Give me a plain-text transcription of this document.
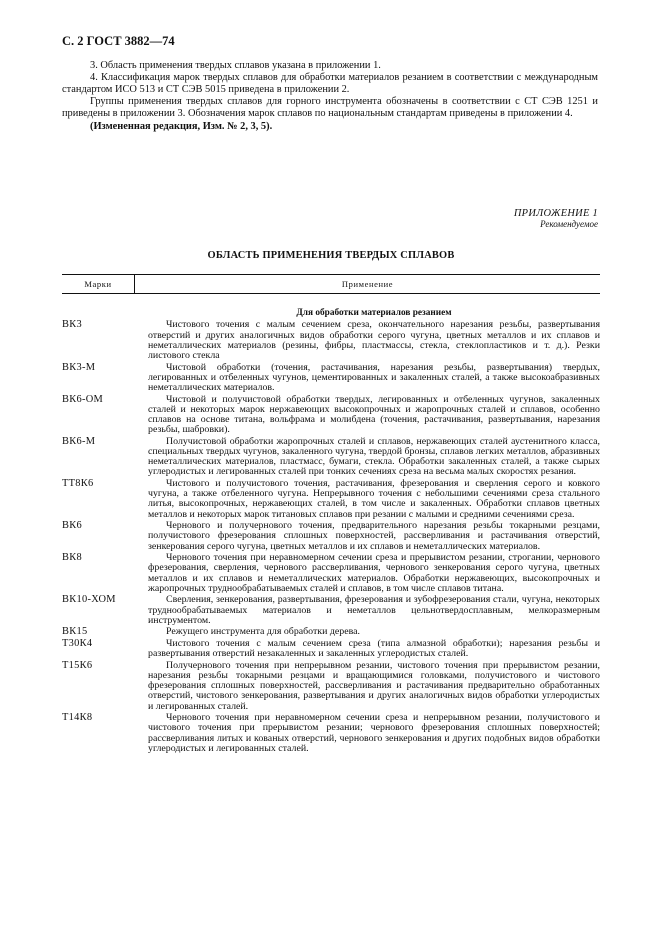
С. 2 ГОСТ 3882—74

3. Область применения твердых сплавов указана в приложении 1.

4. Классификация марок твердых сплавов для обработки материалов резанием в соответствии с международным стандартом ИСО 513 и СТ СЭВ 5015 приведена в приложении 2.

Группы применения твердых сплавов для горного инструмента обозначены в соответствии с СТ СЭВ 1251 и приведены в приложении 3. Обозначения марок сплавов по национальным стандартам приведены в приложении 4.

(Измененная редакция, Изм. № 2, 3, 5).

ПРИЛОЖЕНИЕ 1
Рекомендуемое
ОБЛАСТЬ ПРИМЕНЕНИЯ ТВЕРДЫХ СПЛАВОВ
Марки	Применение
Для обработки материалов резанием
ВК3	Чистового точения с малым сечением среза, окончательного нарезания резьбы, развертывания отверстий и других аналогичных видов обработки серого чугуна, цветных металлов и их сплавов и неметаллических материалов (резины, фибры, пластмассы, стекла, стеклопластиков и т. д.). Резки листового стекла
ВК3-М	Чистовой обработки (точения, растачивания, нарезания резьбы, развертывания) твердых, легированных и отбеленных чугунов, цементированных и закаленных сталей, а также высокоабразивных неметаллических материалов.
ВК6-ОМ	Чистовой и получистовой обработки твердых, легированных и отбеленных чугунов, закаленных сталей и некоторых марок нержавеющих высокопрочных и жаропрочных сталей и сплавов, особенно сплавов на основе титана, вольфрама и молибдена (точения, растачивания, развертывания, нарезания резьбы, шабровки).
ВК6-М	Получистовой обработки жаропрочных сталей и сплавов, нержавеющих сталей аустенитного класса, специальных твердых чугунов, закаленного чугуна, твердой бронзы, сплавов легких металлов, абразивных неметаллических материалов, пластмасс, бумаги, стекла. Обработки закаленных сталей, а также сырых углеродистых и легированных сталей при тонких сечениях среза на весьма малых скоростях резания.
ТТ8К6	Чистового и получистового точения, растачивания, фрезерования и сверления серого и ковкого чугуна, а также отбеленного чугуна. Непрерывного точения с небольшими сечениями среза стального литья, высокопрочных, нержавеющих сталей, в том числе и закаленных. Обработки сплавов цветных металлов и некоторых марок титановых сплавов при резании с малыми и средними сечениями среза.
ВК6	Чернового и получернового точения, предварительного нарезания резьбы токарными резцами, получистового фрезерования сплошных поверхностей, рассверливания и растачивания отверстий, зенкерования серого чугуна, цветных металлов и их сплавов и неметаллических материалов.
ВК8	Чернового точения при неравномерном сечении среза и прерывистом резании, строгании, чернового фрезерования, сверления, чернового рассверливания, чернового зенкерования серого чугуна, цветных металлов и их сплавов и неметаллических материалов. Обработки нержавеющих, высокопрочных и жаропрочных труднообрабатываемых сталей и сплавов, в том числе сплавов титана.
ВК10-ХОМ	Сверления, зенкерования, развертывания, фрезерования и зубофрезерования стали, чугуна, некоторых труднообрабатываемых материалов и неметаллов цельнотвердосплавным, мелкоразмерным инструментом.
ВК15	Режущего инструмента для обработки дерева.
Т30К4	Чистового точения с малым сечением среза (типа алмазной обработки); нарезания резьбы и развертывания отверстий незакаленных и закаленных углеродистых сталей.
Т15К6	Получернового точения при непрерывном резании, чистового точения при прерывистом резании, нарезания резьбы токарными резцами и вращающимися головками, получистового и чистового фрезерования сплошных поверхностей, рассверливания и растачивания предварительно обработанных отверстий, чистового зенкерования, развертывания и других аналогичных видов обработки углеродистых и легированных сталей.
Т14К8	Чернового точения при неравномерном сечении среза и непрерывном резании, получистового и чистового точения при прерывистом резании; чернового фрезерования сплошных поверхностей; рассверливания литых и кованых отверстий, чернового зенкерования и других подобных видов обработки углеродистых и легированных сталей.
